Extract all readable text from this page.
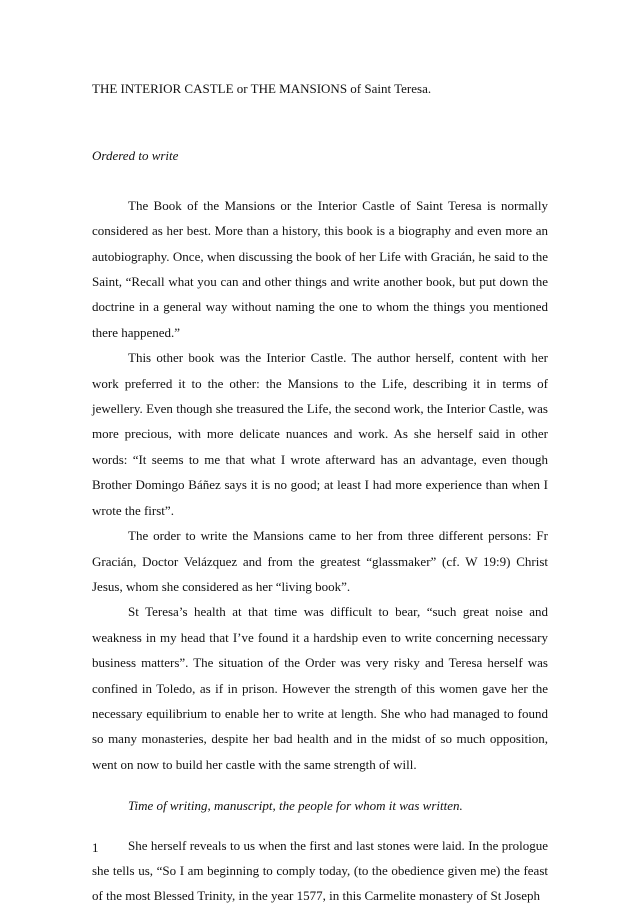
THE INTERIOR CASTLE or THE MANSIONS of Saint Teresa.

Ordered to write

The Book of the Mansions or the Interior Castle of Saint Teresa is normally considered as her best. More than a history, this book is a biography and even more an autobiography. Once, when discussing the book of her Life with Gracián, he said to the Saint, “Recall what you can and other things and write another book, but put down the doctrine in a general way without naming the one to whom the things you mentioned there happened.”

This other book was the Interior Castle. The author herself, content with her work preferred it to the other: the Mansions to the Life, describing it in terms of jewellery. Even though she treasured the Life, the second work, the Interior Castle, was more precious, with more delicate nuances and work. As she herself said in other words: “It seems to me that what I wrote afterward has an advantage, even though Brother Domingo Báñez says it is no good; at least I had more experience than when I wrote the first”.

The order to write the Mansions came to her from three different persons: Fr Gracián, Doctor Velázquez and from the greatest “glassmaker” (cf. W 19:9) Christ Jesus, whom she considered as her “living book”.

St Teresa’s health at that time was difficult to bear, “such great noise and weakness in my head that I’ve found it a hardship even to write concerning necessary business matters”. The situation of the Order was very risky and Teresa herself was confined in Toledo, as if in prison. However the strength of this women gave her the necessary equilibrium to enable her to write at length. She who had managed to found so many monasteries, despite her bad health and in the midst of so much opposition, went on now to build her castle with the same strength of will.

Time of writing, manuscript, the people for whom it was written.

She herself reveals to us when the first and last stones were laid. In the prologue she tells us, “So I am beginning to comply today, (to the obedience given me) the feast of the most Blessed Trinity, in the year 1577, in this Carmelite monastery of St Joseph

1
